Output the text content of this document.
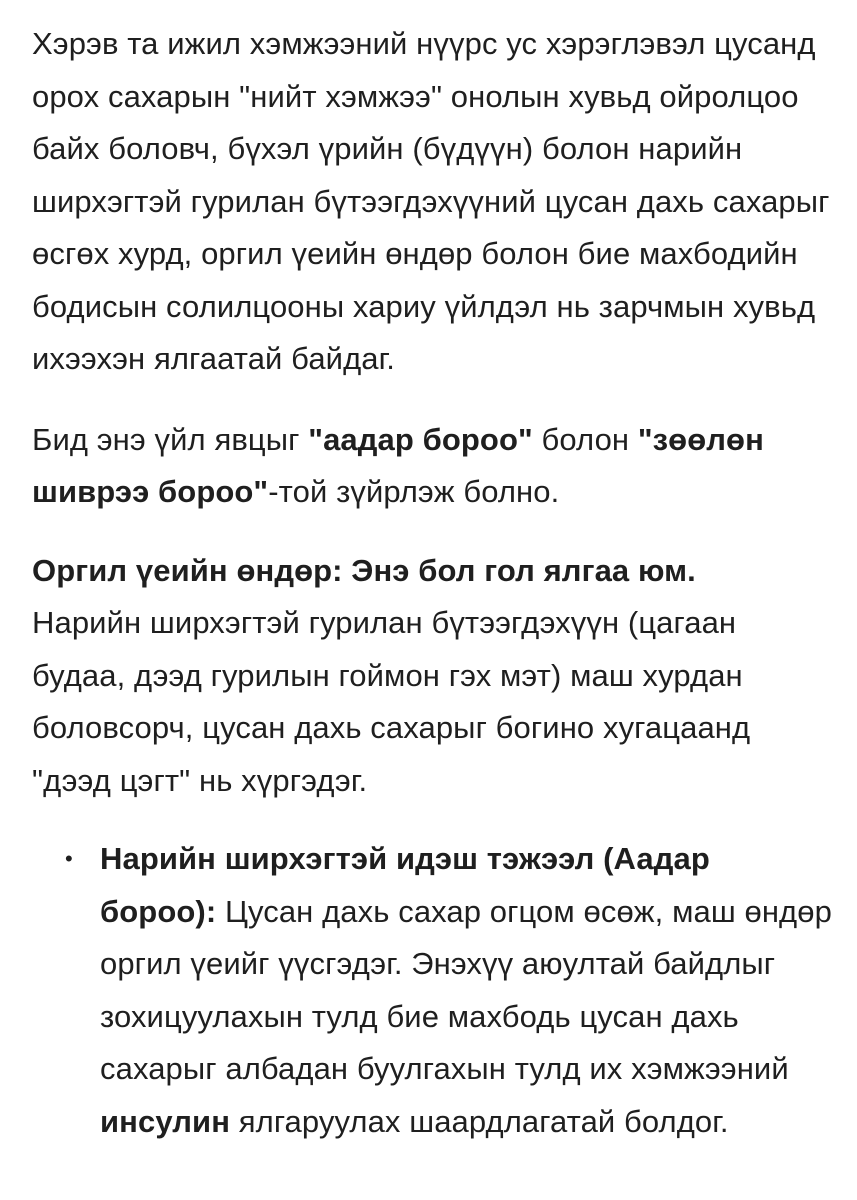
Хэрэв та ижил хэмжээний нүүрс ус хэрэглэвэл цусанд орох сахарын "нийт хэмжээ" онолын хувьд ойролцоо байх боловч, бүхэл үрийн (бүдүүн) болон нарийн ширхэгтэй гурилан бүтээгдэхүүний цусан дахь сахарыг өсгөх хурд, оргил үеийн өндөр болон бие махбодийн бодисын солилцооны хариу үйлдэл нь зарчмын хувьд ихээхэн ялгаатай байдаг.

Бид энэ үйл явцыг "аадар бороо" болон "зөөлөн шиврээ бороо"-той зүйрлэж болно.

Оргил үеийн өндөр: Энэ бол гол ялгаа юм.
Нарийн ширхэгтэй гурилан бүтээгдэхүүн (цагаан будаа, дээд гурилын гоймон гэх мэт) маш хурдан боловсорч, цусан дахь сахарыг богино хугацаанд "дээд цэгт" нь хүргэдэг.

• Нарийн ширхэгтэй идэш тэжээл (Аадар бороо): Цусан дахь сахар огцом өсөж, маш өндөр оргил үеийг үүсгэдэг. Энэхүү аюултай байдлыг зохицуулахын тулд бие махбодь цусан дахь сахарыг албадан буулгахын тулд их хэмжээний инсулин ялгаруулах шаардлагатай болдог.
